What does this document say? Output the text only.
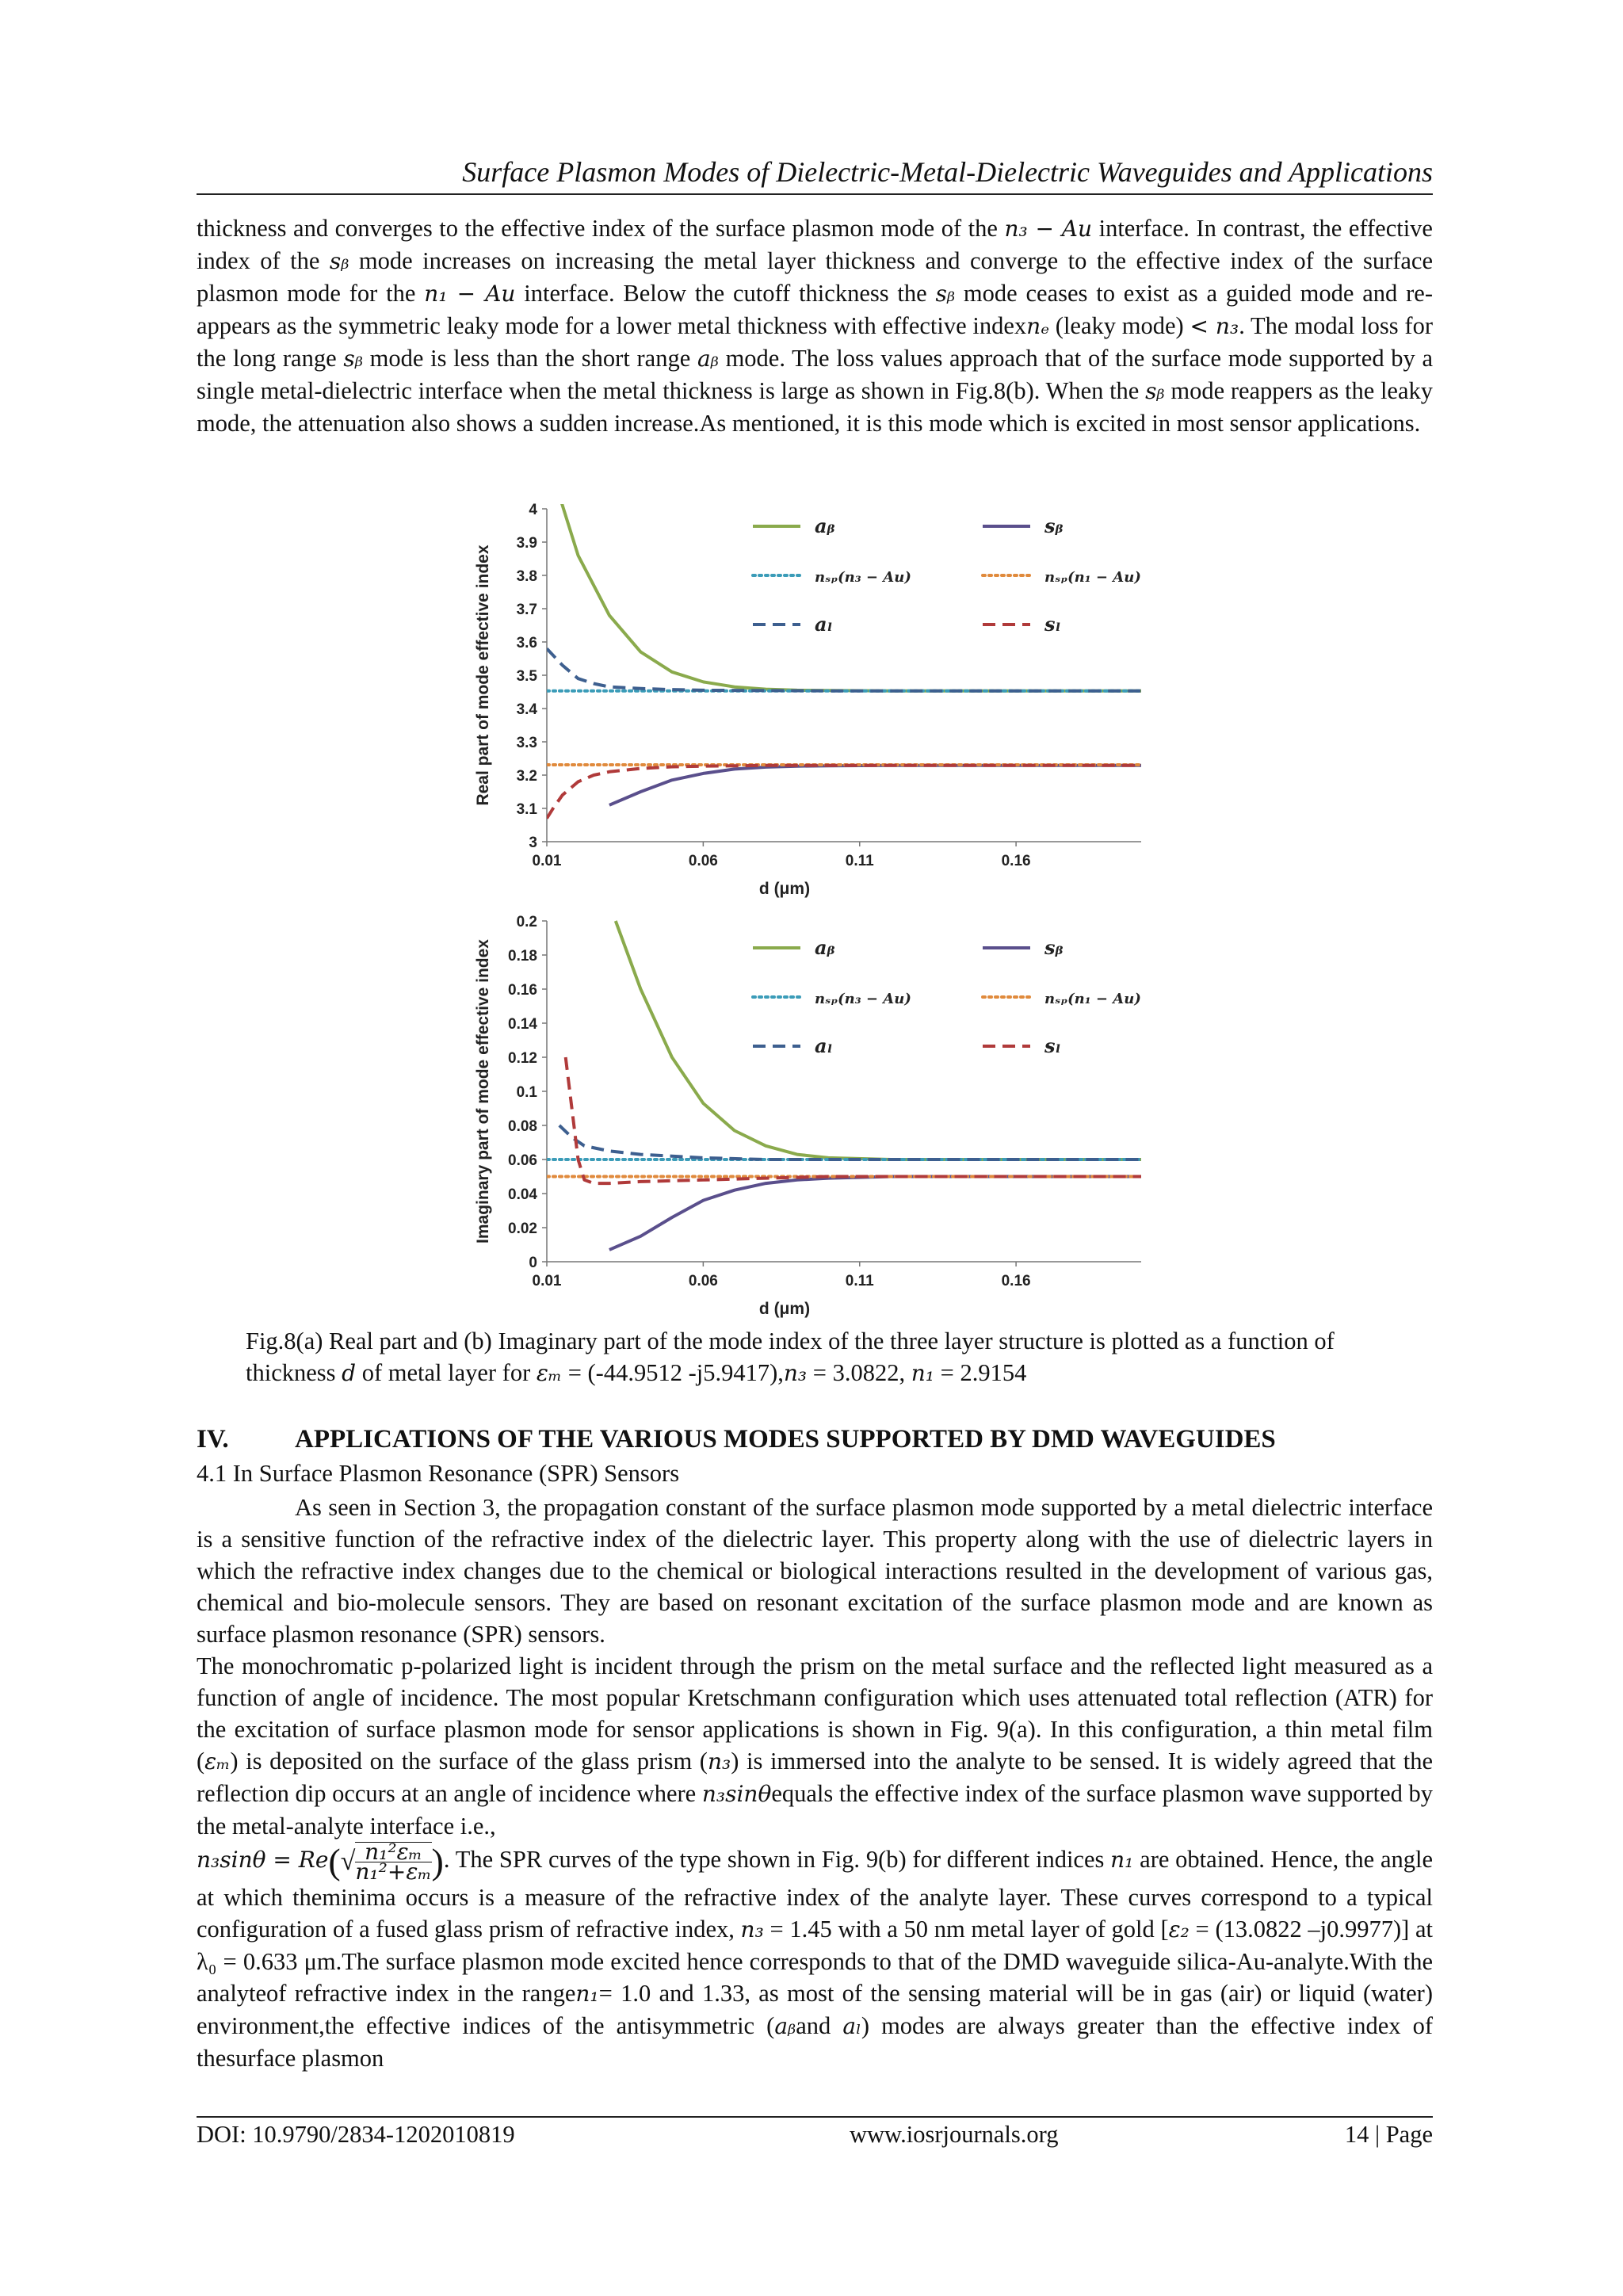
Surface Plasmon Modes of Dielectric-Metal-Dielectric Waveguides and Applications
thickness and converges to the effective index of the surface plasmon mode of the n₃ − Au interface. In contrast, the effective index of the sᵦ mode increases on increasing the metal layer thickness and converge to the effective index of the surface plasmon mode for the n₁ − Au interface. Below the cutoff thickness the sᵦ mode ceases to exist as a guided mode and re-appears as the symmetric leaky mode for a lower metal thickness with effective indexnₑ (leaky mode) < n₃. The modal loss for the long range sᵦ mode is less than the short range aᵦ mode. The loss values approach that of the surface mode supported by a single metal-dielectric interface when the metal thickness is large as shown in Fig.8(b). When the sᵦ mode reappers as the leaky mode, the attenuation also shows a sudden increase.As mentioned, it is this mode which is excited in most sensor applications.
3
3.1
3.2
3.3
3.4
3.5
3.6
3.7
3.8
3.9
4
0.01	0.06	0.11	0.16
d (μm)
Real part of mode effective index
aᵦ	sᵦ
nₛₚ(n₃ − Au)	nₛₚ(n₁ − Au)
aₗ	sₗ
0
0.02
0.04
0.06
0.08
0.1
0.12
0.14
0.16
0.18
0.2
0.01	0.06	0.11	0.16
d (μm)
Imaginary part of mode effective index	aᵦ	sᵦ
nₛₚ(n₃ − Au)	nₛₚ(n₁ − Au)
aₗ	sₗ
Fig.8(a) Real part and (b) Imaginary part of the mode index of the three layer structure is plotted as a function of thickness d of metal layer for εₘ = (-44.9512 -j5.9417),n₃ = 3.0822, n₁ = 2.9154
IV.	APPLICATIONS OF THE VARIOUS MODES SUPPORTED BY DMD WAVEGUIDES
4.1 In Surface Plasmon Resonance (SPR) Sensors
As seen in Section 3, the propagation constant of the surface plasmon mode supported by a metal dielectric interface is a sensitive function of the refractive index of the dielectric layer. This property along with the use of dielectric layers in which the refractive index changes due to the chemical or biological interactions resulted in the development of various gas, chemical and bio-molecule sensors. They are based on resonant excitation of the surface plasmon mode and are known as surface plasmon resonance (SPR) sensors.
The monochromatic p-polarized light is incident through the prism on the metal surface and the reflected light measured as a function of angle of incidence. The most popular Kretschmann configuration which uses attenuated total reflection (ATR) for the excitation of surface plasmon mode for sensor applications is shown in Fig. 9(a). In this configuration, a thin metal film (εₘ) is deposited on the surface of the glass prism (n₃) is immersed into the analyte to be sensed. It is widely agreed that the reflection dip occurs at an angle of incidence where n₃sinθequals the effective index of the surface plasmon wave supported by the metal-analyte interface i.e.,
$n_3\sin\theta = Re(√ \frac{\text{n₁²εₘ}}{\text{n₁²+εₘ}}$ ). The SPR curves of the type shown in Fig. 9(b) for different indices n₁ are obtained. Hence, the angle at which theminima occurs is a measure of the refractive index of the analyte layer. These curves correspond to a typical configuration of a fused glass prism of refractive index, n₃ = 1.45 with a 50 nm metal layer of gold [ε₂ = (13.0822 –j0.9977)] at λ₀ = 0.633 μm.The surface plasmon mode excited hence corresponds to that of the DMD waveguide silica-Au-analyte.With the analyteof refractive index in the rangen₁= 1.0 and 1.33, as most of the sensing material will be in gas (air) or liquid (water) environment,the effective indices of the antisymmetric (aᵦand aₗ) modes are always greater than the effective index of thesurface plasmon
DOI: 10.9790/2834-1202010819	www.iosrjournals.org	14 | Page
